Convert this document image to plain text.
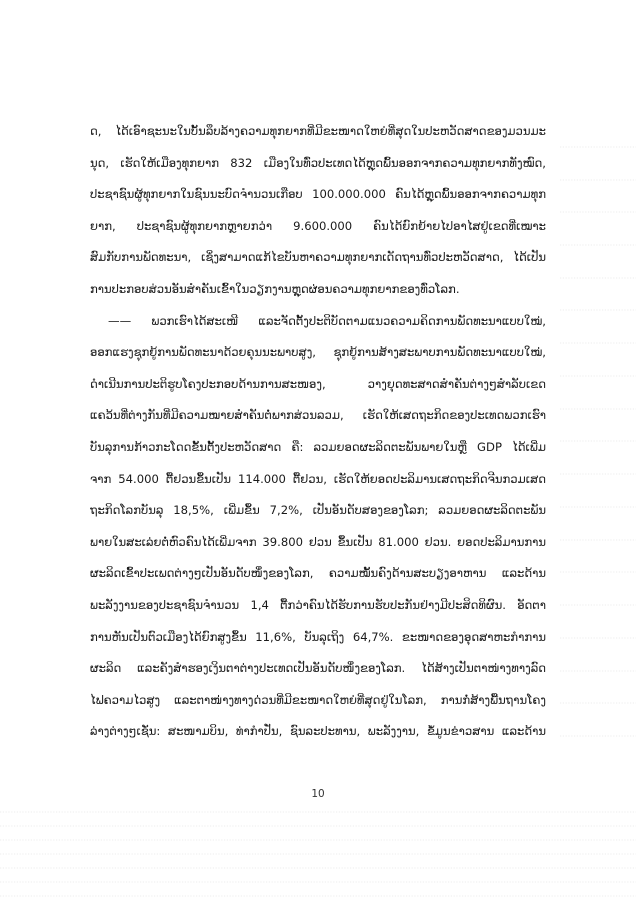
ດ, ໄດ້ເອົາຊະນະໃນບັ້ນລຶບລ້າງຄວາມທຸກຍາກທີ່ມີຂະໜາດໃຫຍ່ທີ່ສຸດໃນປະຫວັດສາດຂອງມວນມະ
ນຸດ, ເຮັດໃຫ້ເມືອງທຸກຍາກ 832 ເມືອງໃນທົ່ວປະເທດໄດ້ຫຼຸດພົ້ນອອກຈາກຄວາມທຸກຍາກທັງໝົດ,
ປະຊາຊົນຜູ້ທຸກຍາກໃນຊົນນະບົດຈຳນວນເກືອບ 100.000.000 ຄົນໄດ້ຫຼຸດພົ້ນອອກຈາກຄວາມທຸກ
ຍາກ, ປະຊາຊົນຜູ້ທຸກຍາກຫຼາຍກວ່າ 9.600.000 ຄົນໄດ້ຍົກຍ້າຍໄປອາໄສຢູ່ເຂດທີ່ເໝາະ
ສົມກັບການພັດທະນາ, ເຊິ່ງສາມາດແກ້ໄຂບັນຫາຄວາມທຸກຍາກເດັດຖານທົ່ວປະຫວັດສາດ, ໄດ້ເປັນ
ການປະກອບສ່ວນອັນສຳຄັນເຂົ້າໃນວຽກງານຫຼຸດຜ່ອນຄວາມທຸກຍາກຂອງທົ່ວໂລກ.
—— ພວກເຮົາໄດ້ສະເໜີ ແລະຈັດຕັ້ງປະຕິບັດຕາມແນວຄວາມຄິດການພັດທະນາແບບໃໝ່,
ອອກແຮງຊຸກຍູ້ການພັດທະນາດ້ວຍຄຸນນະພາບສູງ, ຊຸກຍູ້ການສ້າງສະພາບການພັດທະນາແບບໃໝ່,
ດຳເນີນການປະຕິຮູບໂຄງປະກອບດ້ານການສະໜອງ, ວາງຍຸດທະສາດສຳຄັນຕ່າງໆສຳລັບເຂດ
ແຄວ້ນທີ່ຕ່າງກັນທີ່ມີຄວາມໝາຍສຳຄັນຕໍ່ພາກສ່ວນລວມ, ເຮັດໃຫ້ເສດຖະກິດຂອງປະເທດພວກເຮົາ
ບັນລຸການກ້າວກະໂດດຂັ້ນຕັ້ງປະຫວັດສາດ ຄື: ລວມຍອດຜະລິດຕະພັນພາຍໃນຫຼື GDP ໄດ້ເພີ່ມ
ຈາກ 54.000 ຕື້ຢວນຂຶ້ນເປັນ 114.000 ຕື້ຢວນ, ເຮັດໃຫ້ຍອດປະລິມານເສດຖະກິດຈີນກວມເສດ
ຖະກິດໂລກບັນລຸ 18,5%, ເພີ່ມຂຶ້ນ 7,2%, ເປັນອັນດັບສອງຂອງໂລກ; ລວມຍອດຜະລິດຕະພັນ
ພາຍໃນສະເລ່ຍຕໍ່ຫົວຄົນໄດ້ເພີ່ມຈາກ 39.800 ຢວນ ຂຶ້ນເປັນ 81.000 ຢວນ. ຍອດປະລິມານການ
ຜະລິດເຂົ້າປະເພດຕ່າງໆເປັນອັນດັບໜຶ່ງຂອງໂລກ, ຄວາມໝັ້ນຄົງດ້ານສະບຽງອາຫານ ແລະດ້ານ
ພະລັງງານຂອງປະຊາຊົນຈຳນວນ 1,4 ຕື້ກວ່າຄົນໄດ້ຮັບການຮັບປະກັນຢ່າງມີປະສິດທິຜົນ. ອັດຕາ
ການຫັນເປັນຕົວເມືອງໄດ້ຍົກສູງຂຶ້ນ 11,6%, ບັນລຸເຖິງ 64,7%. ຂະໜາດຂອງອຸດສາຫະກຳການ
ຜະລິດ ແລະຄັງສຳຮອງເງິນຕາຕ່າງປະເທດເປັນອັນດັບໜຶ່ງຂອງໂລກ. ໄດ້ສ້າງເປັນຕາໜ່າງທາງລົດ
ໄຟຄວາມໄວສູງ ແລະຕາໜ່າງທາງດ່ວນທີ່ມີຂະໜາດໃຫຍ່ທີ່ສຸດຢູ່ໃນໂລກ, ການກໍ່ສ້າງພື້ນຖານໂຄງ
ລ່າງຕ່າງໆເຊັ່ນ: ສະໜາມບິນ, ທ່າກຳປັ່ນ, ຊົນລະປະທານ, ພະລັງງານ, ຂໍ້ມູນຂ່າວສານ ແລະດ້ານ
10
